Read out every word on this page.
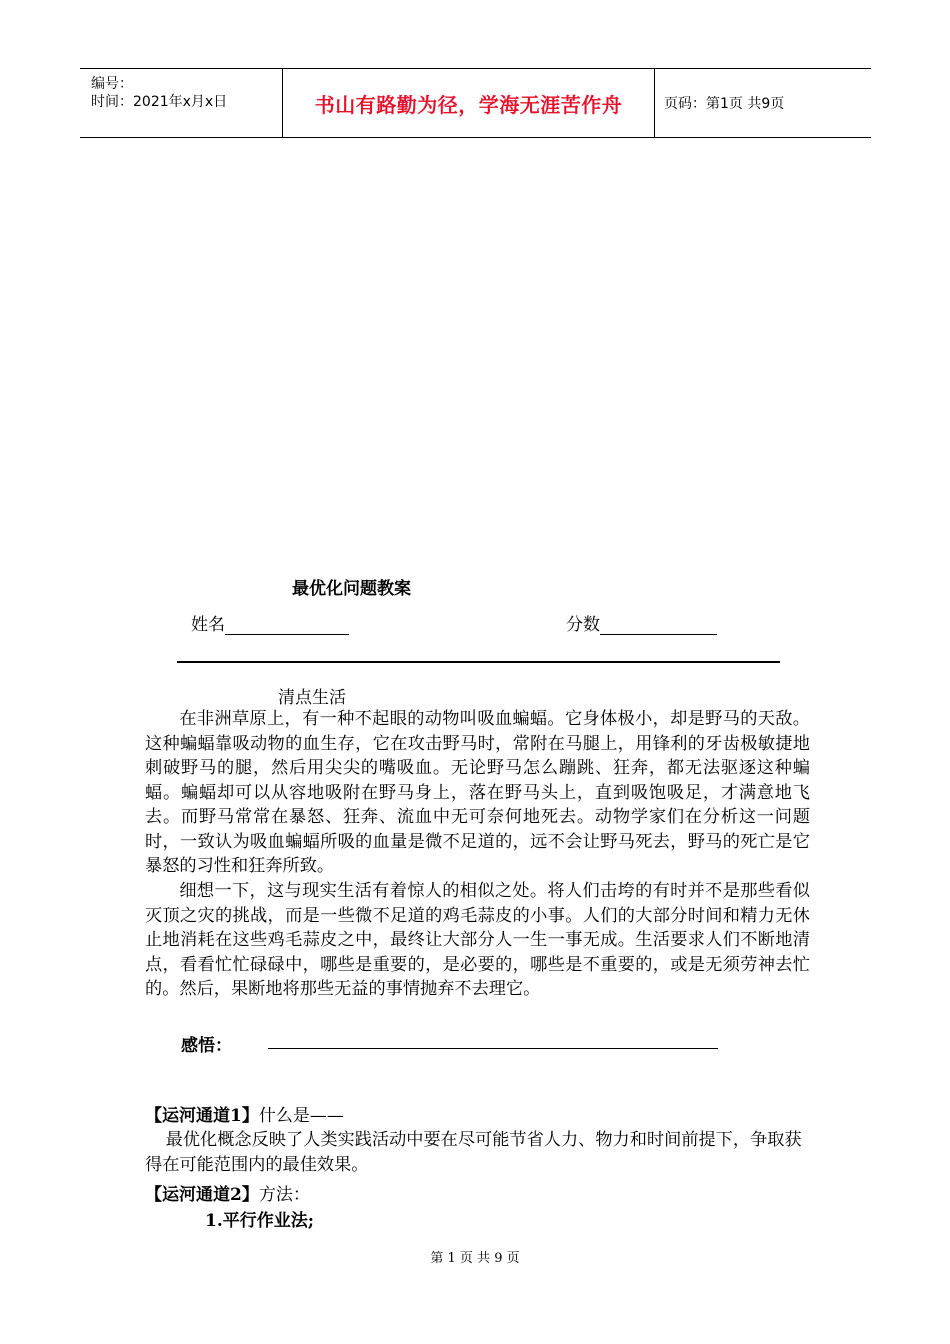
编号：
时间：2021年x月x日	书山有路勤为径，学海无涯苦作舟	页码：第1页 共9页
最优化问题教案
姓名	分数
清点生活

在非洲草原上，有一种不起眼的动物叫吸血蝙蝠。它身体极小，却是野马的天敌。这种蝙蝠靠吸动物的血生存，它在攻击野马时，常附在马腿上，用锋利的牙齿极敏捷地刺破野马的腿，然后用尖尖的嘴吸血。无论野马怎么蹦跳、狂奔，都无法驱逐这种蝙蝠。蝙蝠却可以从容地吸附在野马身上，落在野马头上，直到吸饱吸足，才满意地飞去。而野马常常在暴怒、狂奔、流血中无可奈何地死去。动物学家们在分析这一问题时，一致认为吸血蝙蝠所吸的血量是微不足道的，远不会让野马死去，野马的死亡是它暴怒的习性和狂奔所致。

细想一下，这与现实生活有着惊人的相似之处。将人们击垮的有时并不是那些看似灭顶之灾的挑战，而是一些微不足道的鸡毛蒜皮的小事。人们的大部分时间和精力无休止地消耗在这些鸡毛蒜皮之中，最终让大部分人一生一事无成。生活要求人们不断地清点，看看忙忙碌碌中，哪些是重要的，是必要的，哪些是不重要的，或是无须劳神去忙的。然后，果断地将那些无益的事情抛弃不去理它。

感悟：
【运河通道1】什么是——

最优化概念反映了人类实践活动中要在尽可能节省人力、物力和时间前提下，争取获得在可能范围内的最佳效果。

【运河通道2】方法：
1.平行作业法;
第 1 页 共 9 页
